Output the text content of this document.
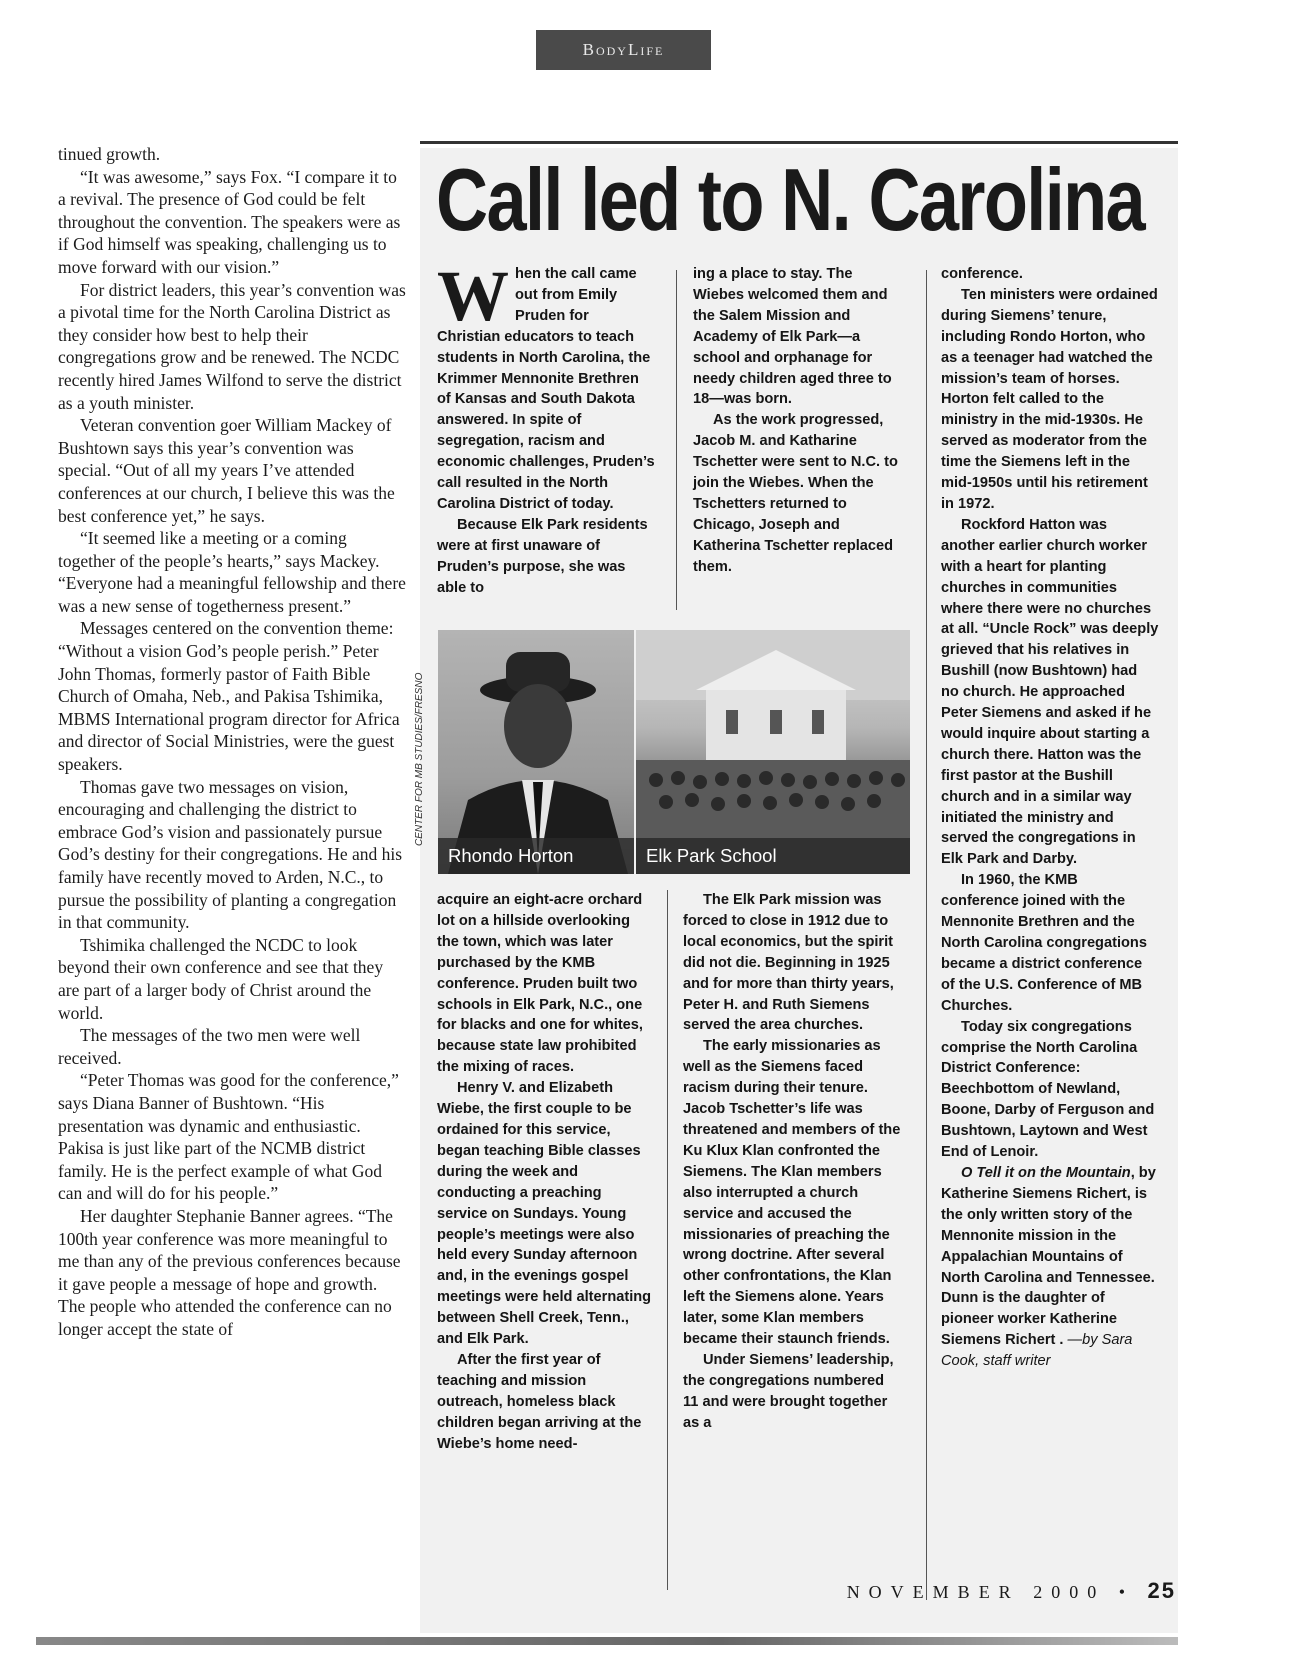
BodyLife

tinued growth.

“It was awesome,” says Fox. “I compare it to a revival. The presence of God could be felt throughout the convention. The speakers were as if God himself was speaking, challenging us to move forward with our vision.”

For district leaders, this year’s convention was a pivotal time for the North Carolina District as they consider how best to help their congregations grow and be renewed. The NCDC recently hired James Wilfond to serve the district as a youth minister.

Veteran convention goer William Mackey of Bushtown says this year’s convention was special. “Out of all my years I’ve attended conferences at our church, I believe this was the best conference yet,” he says.

“It seemed like a meeting or a coming together of the people’s hearts,” says Mackey. “Everyone had a meaningful fellowship and there was a new sense of togetherness present.”

Messages centered on the convention theme: “Without a vision God’s people perish.” Peter John Thomas, formerly pastor of Faith Bible Church of Omaha, Neb., and Pakisa Tshimika, MBMS International program director for Africa and director of Social Ministries, were the guest speakers.

Thomas gave two messages on vision, encouraging and challenging the district to embrace God’s vision and passionately pursue God’s destiny for their congregations. He and his family have recently moved to Arden, N.C., to pursue the possibility of planting a congregation in that community.

Tshimika challenged the NCDC to look beyond their own conference and see that they are part of a larger body of Christ around the world.

The messages of the two men were well received.

“Peter Thomas was good for the conference,” says Diana Banner of Bushtown. “His presentation was dynamic and enthusiastic. Pakisa is just like part of the NCMB district family. He is the perfect example of what God can and will do for his people.”

Her daughter Stephanie Banner agrees. “The 100th year conference was more meaningful to me than any of the previous conferences because it gave people a message of hope and growth. The people who attended the conference can no longer accept the state of

Call led to N. Carolina

When the call came out from Emily Pruden for Christian educators to teach students in North Carolina, the Krimmer Mennonite Brethren of Kansas and South Dakota answered. In spite of segregation, racism and economic challenges, Pruden’s call resulted in the North Carolina District of today.

Because Elk Park residents were at first unaware of Pruden’s purpose, she was able to

ing a place to stay. The Wiebes welcomed them and the Salem Mission and Academy of Elk Park—a school and orphanage for needy children aged three to 18—was born.

As the work progressed, Jacob M. and Katharine Tschetter were sent to N.C. to join the Wiebes. When the Tschetters returned to Chicago, Joseph and Katherina Tschetter replaced them.

conference.

Ten ministers were ordained during Siemens’ tenure, including Rondo Horton, who as a teenager had watched the mission’s team of horses. Horton felt called to the ministry in the mid-1930s. He served as moderator from the time the Siemens left in the mid-1950s until his retirement in 1972.

Rockford Hatton was another earlier church worker with a heart for planting churches in communities where there were no churches at all. “Uncle Rock” was deeply grieved that his relatives in Bushill (now Bushtown) had no church. He approached Peter Siemens and asked if he would inquire about starting a church there. Hatton was the first pastor at the Bushill church and in a similar way initiated the ministry and served the congregations in Elk Park and Darby.

In 1960, the KMB conference joined with the Mennonite Brethren and the North Carolina congregations became a district conference of the U.S. Conference of MB Churches.

Today six congregations comprise the North Carolina District Conference: Beechbottom of Newland, Boone, Darby of Ferguson and Bushtown, Laytown and West End of Lenoir.

O Tell it on the Mountain, by Katherine Siemens Richert, is the only written story of the Mennonite mission in the Appalachian Mountains of North Carolina and Tennessee. Dunn is the daughter of pioneer worker Katherine Siemens Richert . —by Sara Cook, staff writer

Rhondo Horton	Elk Park School
CENTER FOR MB STUDIES/FRESNO

acquire an eight-acre orchard lot on a hillside overlooking the town, which was later purchased by the KMB conference. Pruden built two schools in Elk Park, N.C., one for blacks and one for whites, because state law prohibited the mixing of races.

Henry V. and Elizabeth Wiebe, the first couple to be ordained for this service, began teaching Bible classes during the week and conducting a preaching service on Sundays. Young people’s meetings were also held every Sunday afternoon and, in the evenings gospel meetings were held alternating between Shell Creek, Tenn., and Elk Park.

After the first year of teaching and mission outreach, homeless black children began arriving at the Wiebe’s home need-

The Elk Park mission was forced to close in 1912 due to local economics, but the spirit did not die. Beginning in 1925 and for more than thirty years, Peter H. and Ruth Siemens served the area churches.

The early missionaries as well as the Siemens faced racism during their tenure. Jacob Tschetter’s life was threatened and members of the Ku Klux Klan confronted the Siemens. The Klan members also interrupted a church service and accused the missionaries of preaching the wrong doctrine. After several other confrontations, the Klan left the Siemens alone. Years later, some Klan members became their staunch friends.

Under Siemens’ leadership, the congregations numbered 11 and were brought together as a

NOVEMBER 2000 • 25
